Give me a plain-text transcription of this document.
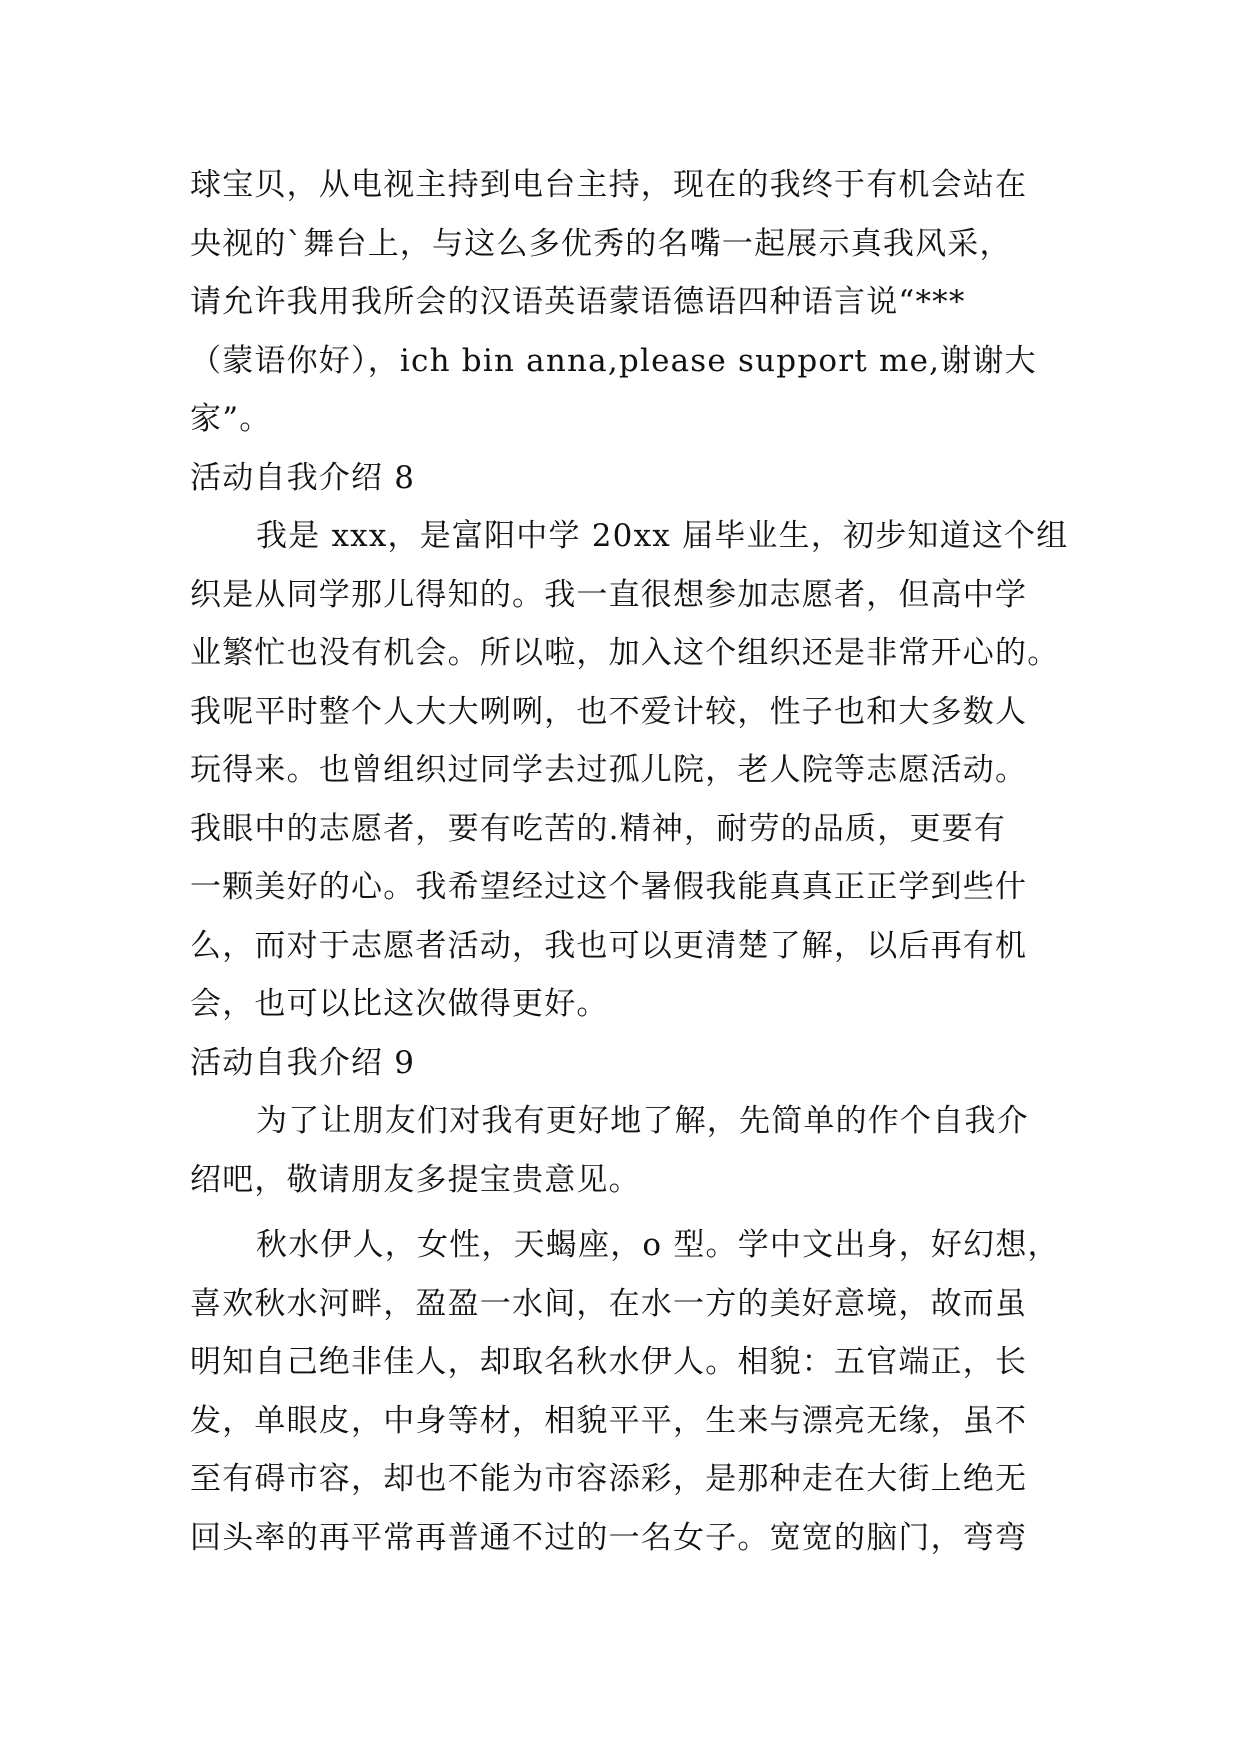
球宝贝，从电视主持到电台主持，现在的我终于有机会站在
央视的`舞台上，与这么多优秀的名嘴一起展示真我风采，
请允许我用我所会的汉语英语蒙语德语四种语言说“***
（蒙语你好），ich bin anna,please support me,谢谢大
家”。
活动自我介绍 8
我是 xxx，是富阳中学 20xx 届毕业生，初步知道这个组
织是从同学那儿得知的。我一直很想参加志愿者，但高中学
业繁忙也没有机会。所以啦，加入这个组织还是非常开心的。
我呢平时整个人大大咧咧，也不爱计较，性子也和大多数人
玩得来。也曾组织过同学去过孤儿院，老人院等志愿活动。
我眼中的志愿者，要有吃苦的.精神，耐劳的品质，更要有
一颗美好的心。我希望经过这个暑假我能真真正正学到些什
么，而对于志愿者活动，我也可以更清楚了解，以后再有机
会，也可以比这次做得更好。
活动自我介绍 9
为了让朋友们对我有更好地了解，先简单的作个自我介
绍吧，敬请朋友多提宝贵意见。
秋水伊人，女性，天蝎座，o 型。学中文出身，好幻想，
喜欢秋水河畔，盈盈一水间，在水一方的美好意境，故而虽
明知自己绝非佳人，却取名秋水伊人。相貌：五官端正，长
发，单眼皮，中身等材，相貌平平，生来与漂亮无缘，虽不
至有碍市容，却也不能为市容添彩，是那种走在大街上绝无
回头率的再平常再普通不过的一名女子。宽宽的脑门，弯弯
